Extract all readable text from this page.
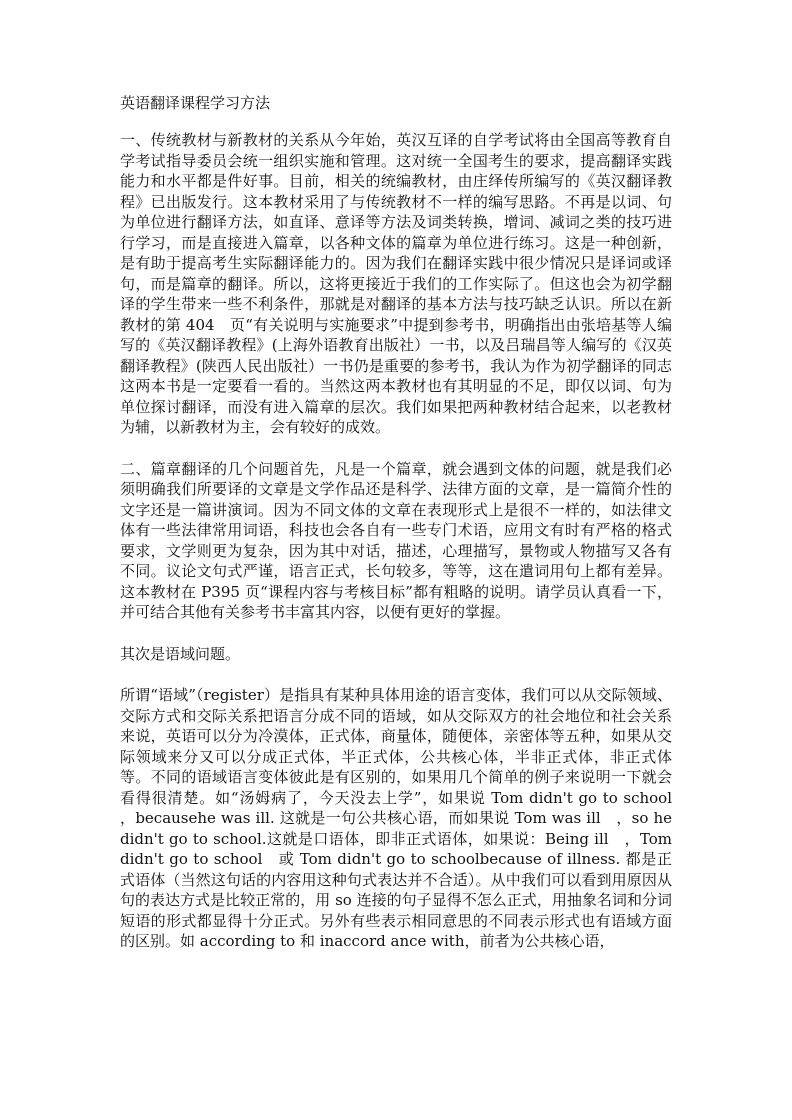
英语翻译课程学习方法
一、传统教材与新教材的关系从今年始，英汉互译的自学考试将由全国高等教育自学考试指导委员会统一组织实施和管理。这对统一全国考生的要求，提高翻译实践能力和水平都是件好事。目前，相关的统编教材，由庄绎传所编写的《英汉翻译教程》已出版发行。这本教材采用了与传统教材不一样的编写思路。不再是以词、句为单位进行翻译方法，如直译、意译等方法及词类转换，增词、减词之类的技巧进行学习，而是直接进入篇章，以各种文体的篇章为单位进行练习。这是一种创新，是有助于提高考生实际翻译能力的。因为我们在翻译实践中很少情况只是译词或译句，而是篇章的翻译。所以，这将更接近于我们的工作实际了。但这也会为初学翻译的学生带来一些不利条件，那就是对翻译的基本方法与技巧缺乏认识。所以在新教材的第 404　页“有关说明与实施要求”中提到参考书，明确指出由张培基等人编写的《英汉翻译教程》(上海外语教育出版社）一书，以及吕瑞昌等人编写的《汉英翻译教程》(陕西人民出版社）一书仍是重要的参考书，我认为作为初学翻译的同志这两本书是一定要看一看的。当然这两本教材也有其明显的不足，即仅以词、句为单位探讨翻译，而没有进入篇章的层次。我们如果把两种教材结合起来，以老教材为辅，以新教材为主，会有较好的成效。
二、篇章翻译的几个问题首先，凡是一个篇章，就会遇到文体的问题，就是我们必须明确我们所要译的文章是文学作品还是科学、法律方面的文章，是一篇简介性的文字还是一篇讲演词。因为不同文体的文章在表现形式上是很不一样的，如法律文体有一些法律常用词语，科技也会各自有一些专门术语，应用文有时有严格的格式要求，文学则更为复杂，因为其中对话，描述，心理描写，景物或人物描写又各有不同。议论文句式严谨，语言正式，长句较多，等等，这在遣词用句上都有差异。这本教材在 P395 页“课程内容与考核目标”都有粗略的说明。请学员认真看一下，并可结合其他有关参考书丰富其内容，以便有更好的掌握。
其次是语域问题。
所谓“语域”（register）是指具有某种具体用途的语言变体，我们可以从交际领域、交际方式和交际关系把语言分成不同的语域，如从交际双方的社会地位和社会关系来说，英语可以分为冷漠体，正式体，商量体，随便体，亲密体等五种，如果从交际领域来分又可以分成正式体，半正式体，公共核心体，半非正式体，非正式体等。不同的语域语言变体彼此是有区别的，如果用几个简单的例子来说明一下就会看得很清楚。如“汤姆病了，今天没去上学”，如果说 Tom didn't go to school　，becausehe was ill. 这就是一句公共核心语，而如果说 Tom was ill　，so he didn't go to school.这就是口语体，即非正式语体，如果说：Being ill　，Tom didn't go to school　或 Tom didn't go to schoolbecause of illness. 都是正式语体（当然这句话的内容用这种句式表达并不合适）。从中我们可以看到用原因从句的表达方式是比较正常的，用 so 连接的句子显得不怎么正式，用抽象名词和分词短语的形式都显得十分正式。另外有些表示相同意思的不同表示形式也有语域方面的区别。如 according to 和 inaccord ance with，前者为公共核心语，
